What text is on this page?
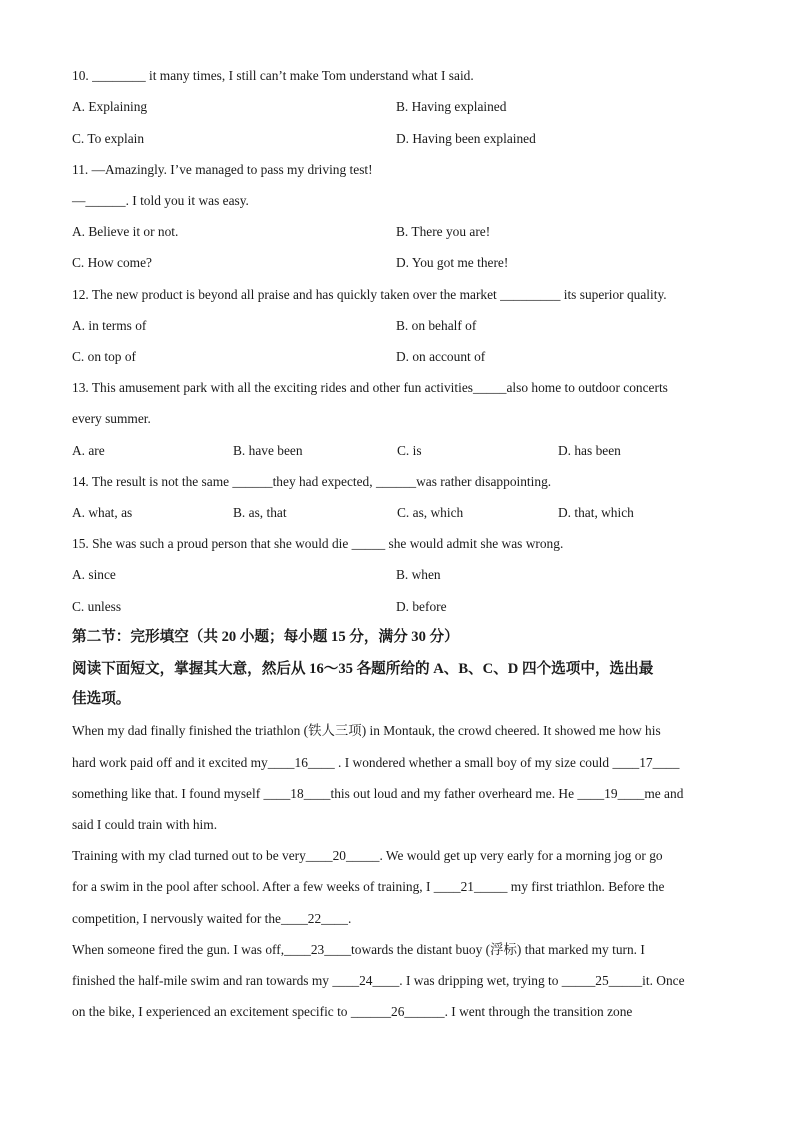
10. ________ it many times, I still can’t make Tom understand what I said.
A. Explaining	B. Having explained
C. To explain	D. Having been explained
11. —Amazingly. I’ve managed to pass my driving test!
—______. I told you it was easy.
A. Believe it or not.	B. There you are!
C. How come?	D. You got me there!
12. The new product is beyond all praise and has quickly taken over the market _________ its superior quality.
A. in terms of	B. on behalf of
C. on top of	D. on account of
13. This amusement park with all the exciting rides and other fun activities_____also home to outdoor concerts
every summer.
A. are	B. have been	C. is	D. has been
14. The result is not the same ______they had expected, ______was rather disappointing.
A. what, as	B. as, that	C. as, which	D. that, which
15. She was such a proud person that she would die _____ she would admit she was wrong.
A. since	B. when
C. unless	D. before
第二节：完形填空（共 20 小题；每小题 15 分，满分 30 分）
阅读下面短文，掌握其大意，然后从 16～35 各题所给的 A、B、C、D 四个选项中，选出最
佳选项。
When my dad finally finished the triathlon (铁人三项) in Montauk, the crowd cheered. It showed me how his
hard work paid off and it excited my____16____ . I wondered whether a small boy of my size could ____17____
something like that. I found myself ____18____this out loud and my father overheard me. He ____19____me and
said I could train with him.
Training with my clad turned out to be very____20_____. We would get up very early for a morning jog or go
for a swim in the pool after school. After a few weeks of training, I ____21_____ my first triathlon. Before the
competition, I nervously waited for the____22____.
When someone fired the gun. I was off,____23____towards the distant buoy (浮标) that marked my turn. I
finished the half-mile swim and ran towards my ____24____. I was dripping wet, trying to _____25_____it. Once
on the bike, I experienced an excitement specific to ______26______. I went through the transition zone
